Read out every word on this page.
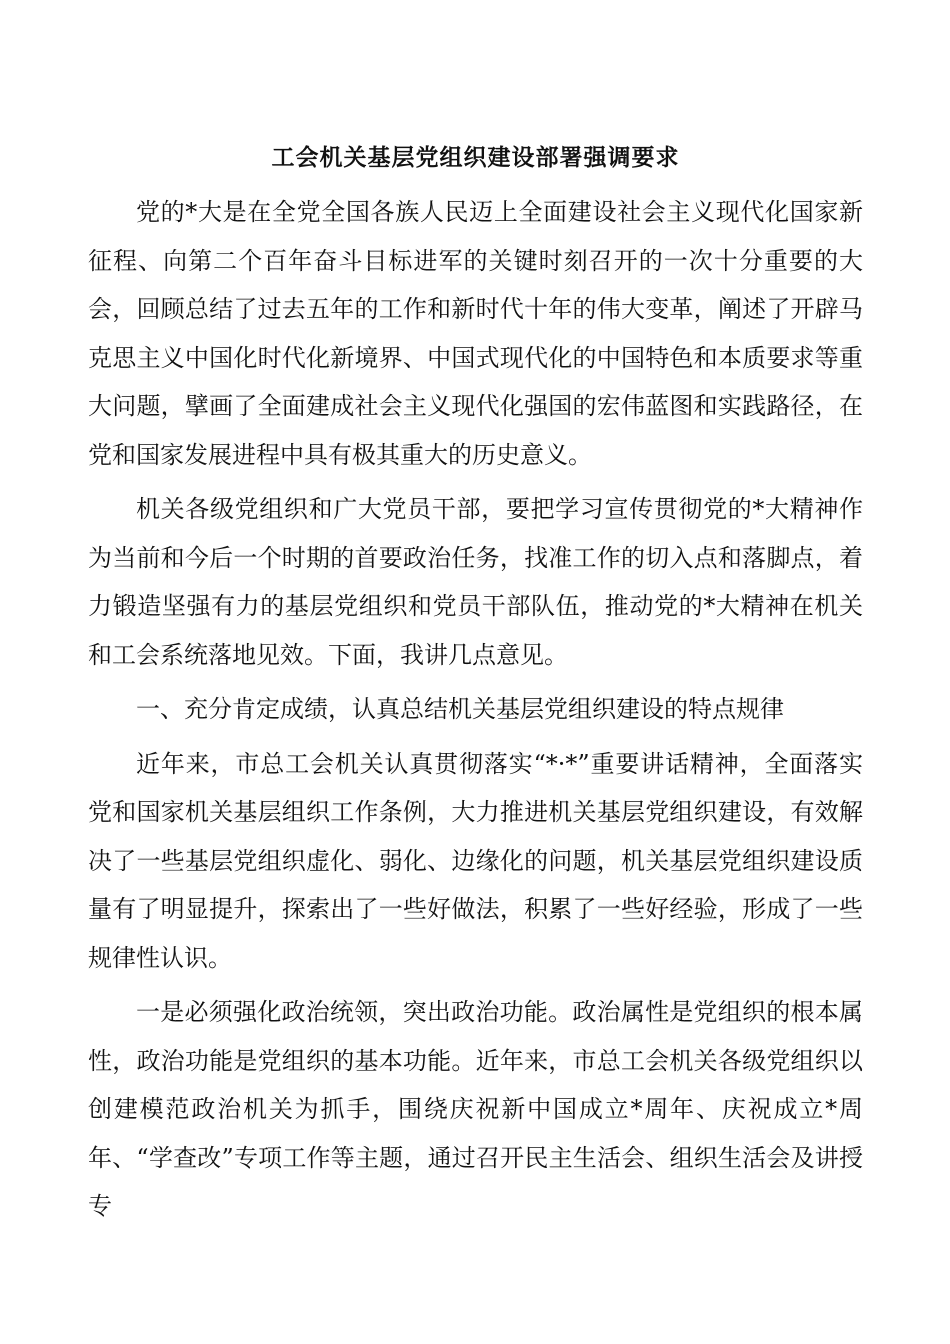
工会机关基层党组织建设部署强调要求

党的*大是在全党全国各族人民迈上全面建设社会主义现代化国家新征程、向第二个百年奋斗目标进军的关键时刻召开的一次十分重要的大会，回顾总结了过去五年的工作和新时代十年的伟大变革，阐述了开辟马克思主义中国化时代化新境界、中国式现代化的中国特色和本质要求等重大问题，擘画了全面建成社会主义现代化强国的宏伟蓝图和实践路径，在党和国家发展进程中具有极其重大的历史意义。

机关各级党组织和广大党员干部，要把学习宣传贯彻党的*大精神作为当前和今后一个时期的首要政治任务，找准工作的切入点和落脚点，着力锻造坚强有力的基层党组织和党员干部队伍，推动党的*大精神在机关和工会系统落地见效。下面，我讲几点意见。

一、充分肯定成绩，认真总结机关基层党组织建设的特点规律

近年来，市总工会机关认真贯彻落实“*·*”重要讲话精神，全面落实党和国家机关基层组织工作条例，大力推进机关基层党组织建设，有效解决了一些基层党组织虚化、弱化、边缘化的问题，机关基层党组织建设质量有了明显提升，探索出了一些好做法，积累了一些好经验，形成了一些规律性认识。

一是必须强化政治统领，突出政治功能。政治属性是党组织的根本属性，政治功能是党组织的基本功能。近年来，市总工会机关各级党组织以创建模范政治机关为抓手，围绕庆祝新中国成立*周年、庆祝成立*周年、“学查改”专项工作等主题，通过召开民主生活会、组织生活会及讲授专
